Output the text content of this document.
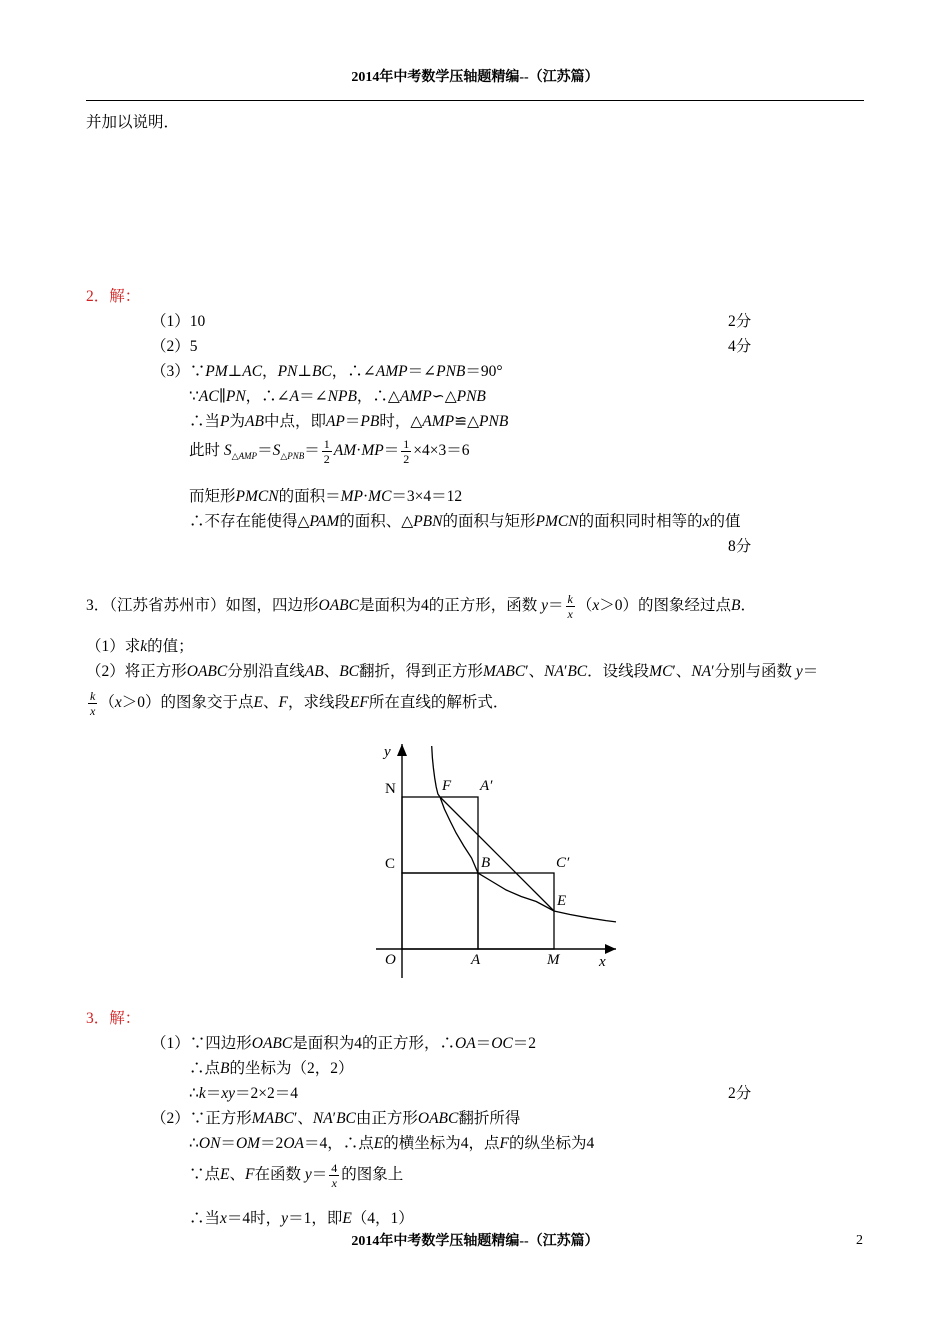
2014年中考数学压轴题精编--（江苏篇）
并加以说明．
2．解：
（1）10	2分
（2）5	4分
（3）∵PM⊥AC，PN⊥BC，∴∠AMP＝∠PNB＝90°
∵AC∥PN，∴∠A＝∠NPB，∴△AMP∽△PNB
∴当P为AB中点，即AP＝PB时，△AMP≌△PNB
此时 $S_{\triangle AMP}=S_{\triangle PNB}= \frac{1}{2} AM\cdot MP= \frac{1}{2} \times 4\times 3=6$
而矩形PMCN的面积＝MP·MC＝3×4＝12
∴不存在能使得△PAM的面积、△PBN的面积与矩形PMCN的面积同时相等的x的值
8分
3．（江苏省苏州市）如图，四边形OABC是面积为4的正方形，函数 $y= \frac{k}{x} (x>0)$的图象经过点B．
（1）求k的值；
（2）将正方形OABC分别沿直线AB、BC翻折，得到正方形MABC′、NA′BC．设线段MC′、NA′分别与函数 y＝
$\frac{k}{x} (x>0)$的图象交于点E、F，求线段EF所在直线的解析式．
y
x
N	F A′
C	B	C′
E
O	A	M
3．解：
（1）∵四边形OABC是面积为4的正方形，∴OA＝OC＝2
∴点B的坐标为（2，2）
∴k＝xy＝2×2＝4	2分
（2）∵正方形MABC′、NA′BC由正方形OABC翻折所得
∴ON＝OM＝2OA＝4，∴点E的横坐标为4，点F的纵坐标为4
∵点E、F在函数 $y= \frac{4}{x}$ 的图象上
∴当x＝4时，y＝1，即E（4，1）
2014年中考数学压轴题精编--（江苏篇）	2
